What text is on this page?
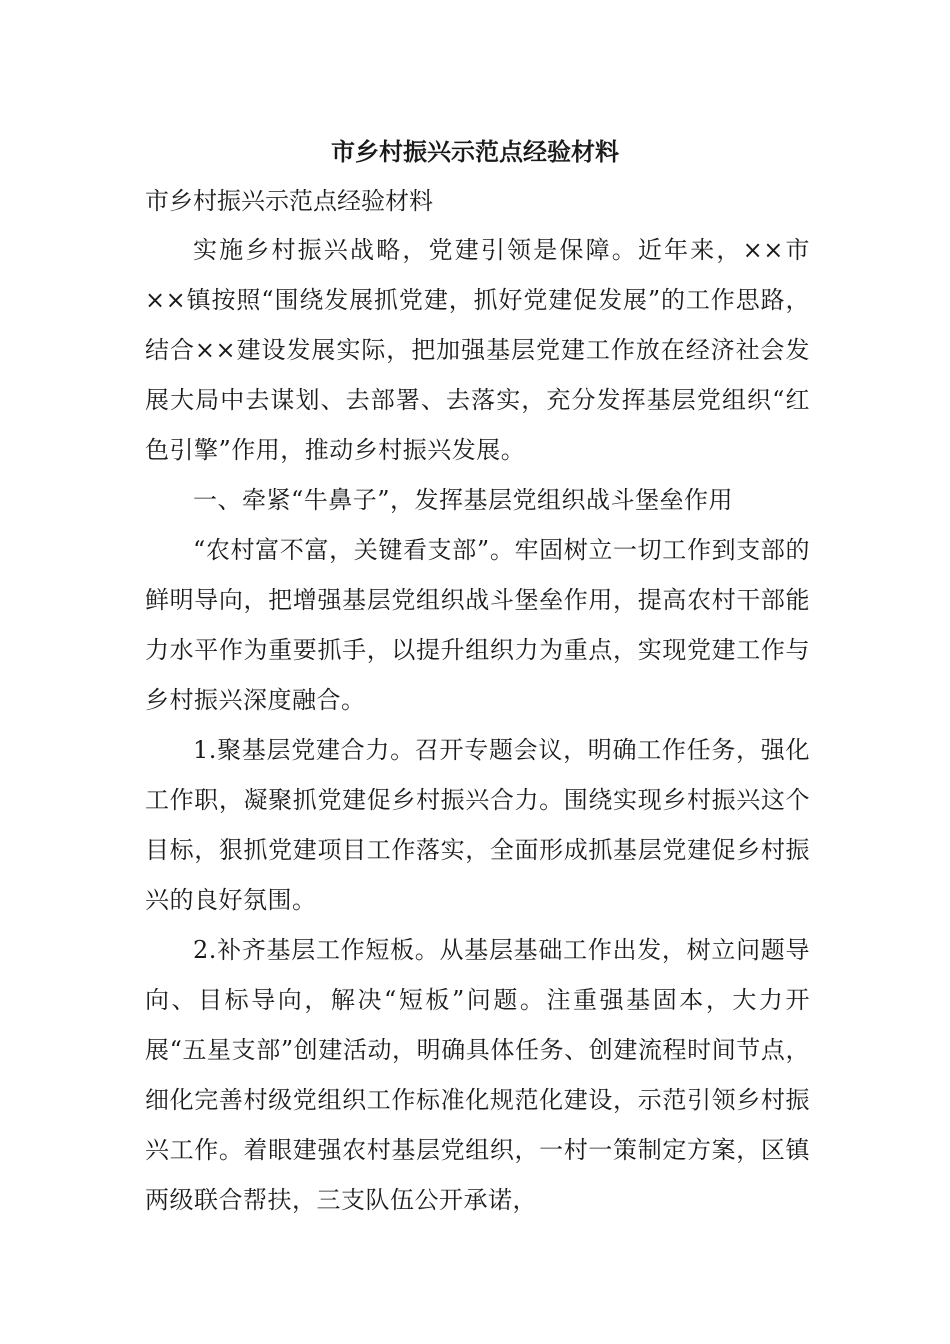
市乡村振兴示范点经验材料
市乡村振兴示范点经验材料

实施乡村振兴战略，党建引领是保障。近年来，××市××镇按照“围绕发展抓党建，抓好党建促发展”的工作思路，结合××建设发展实际，把加强基层党建工作放在经济社会发展大局中去谋划、去部署、去落实，充分发挥基层党组织“红色引擎”作用，推动乡村振兴发展。

一、牵紧“牛鼻子”，发挥基层党组织战斗堡垒作用

“农村富不富，关键看支部”。牢固树立一切工作到支部的鲜明导向，把增强基层党组织战斗堡垒作用，提高农村干部能力水平作为重要抓手，以提升组织力为重点，实现党建工作与乡村振兴深度融合。

1.聚基层党建合力。召开专题会议，明确工作任务，强化工作职，凝聚抓党建促乡村振兴合力。围绕实现乡村振兴这个目标，狠抓党建项目工作落实，全面形成抓基层党建促乡村振兴的良好氛围。

2.补齐基层工作短板。从基层基础工作出发，树立问题导向、目标导向，解决“短板”问题。注重强基固本，大力开展“五星支部”创建活动，明确具体任务、创建流程时间节点，细化完善村级党组织工作标准化规范化建设，示范引领乡村振兴工作。着眼建强农村基层党组织，一村一策制定方案，区镇两级联合帮扶，三支队伍公开承诺，
